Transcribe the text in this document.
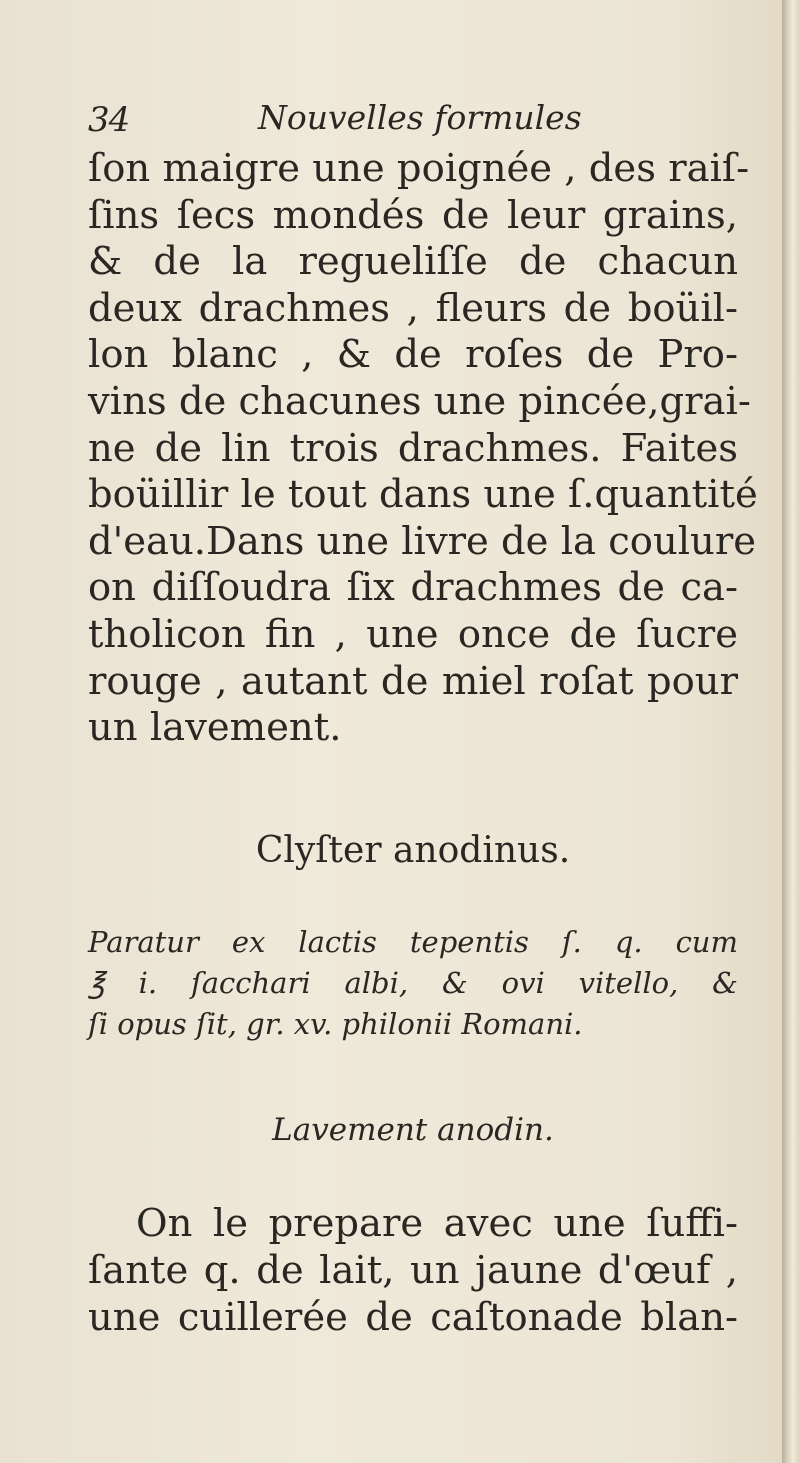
34	Nouvelles formules
ſon maigre une poignée , des raiſ-
ſins ſecs mondés de leur grains,
& de la regueliſſe de chacun
deux drachmes , fleurs de boüil-
lon blanc , & de roſes de Pro-
vins de chacunes une pincée,grai-
ne de lin trois drachmes. Faites
boüillir le tout dans une ſ.quantité
d'eau.Dans une livre de la coulure
on diſſoudra ſix drachmes de ca-
tholicon fin , une once de ſucre
rouge , autant de miel roſat pour
un lavement.
Clyſter anodinus.
Paratur ex lactis tepentis ſ. q. cum
℥ i. ſacchari albi, & ovi vitello, &
ſi opus ſit, gr. xv. philonii Romani.
Lavement anodin.
On le prepare avec une ſuffi-
ſante q. de lait, un jaune d'œuf ,
une cuillerée de caſtonade blan-
